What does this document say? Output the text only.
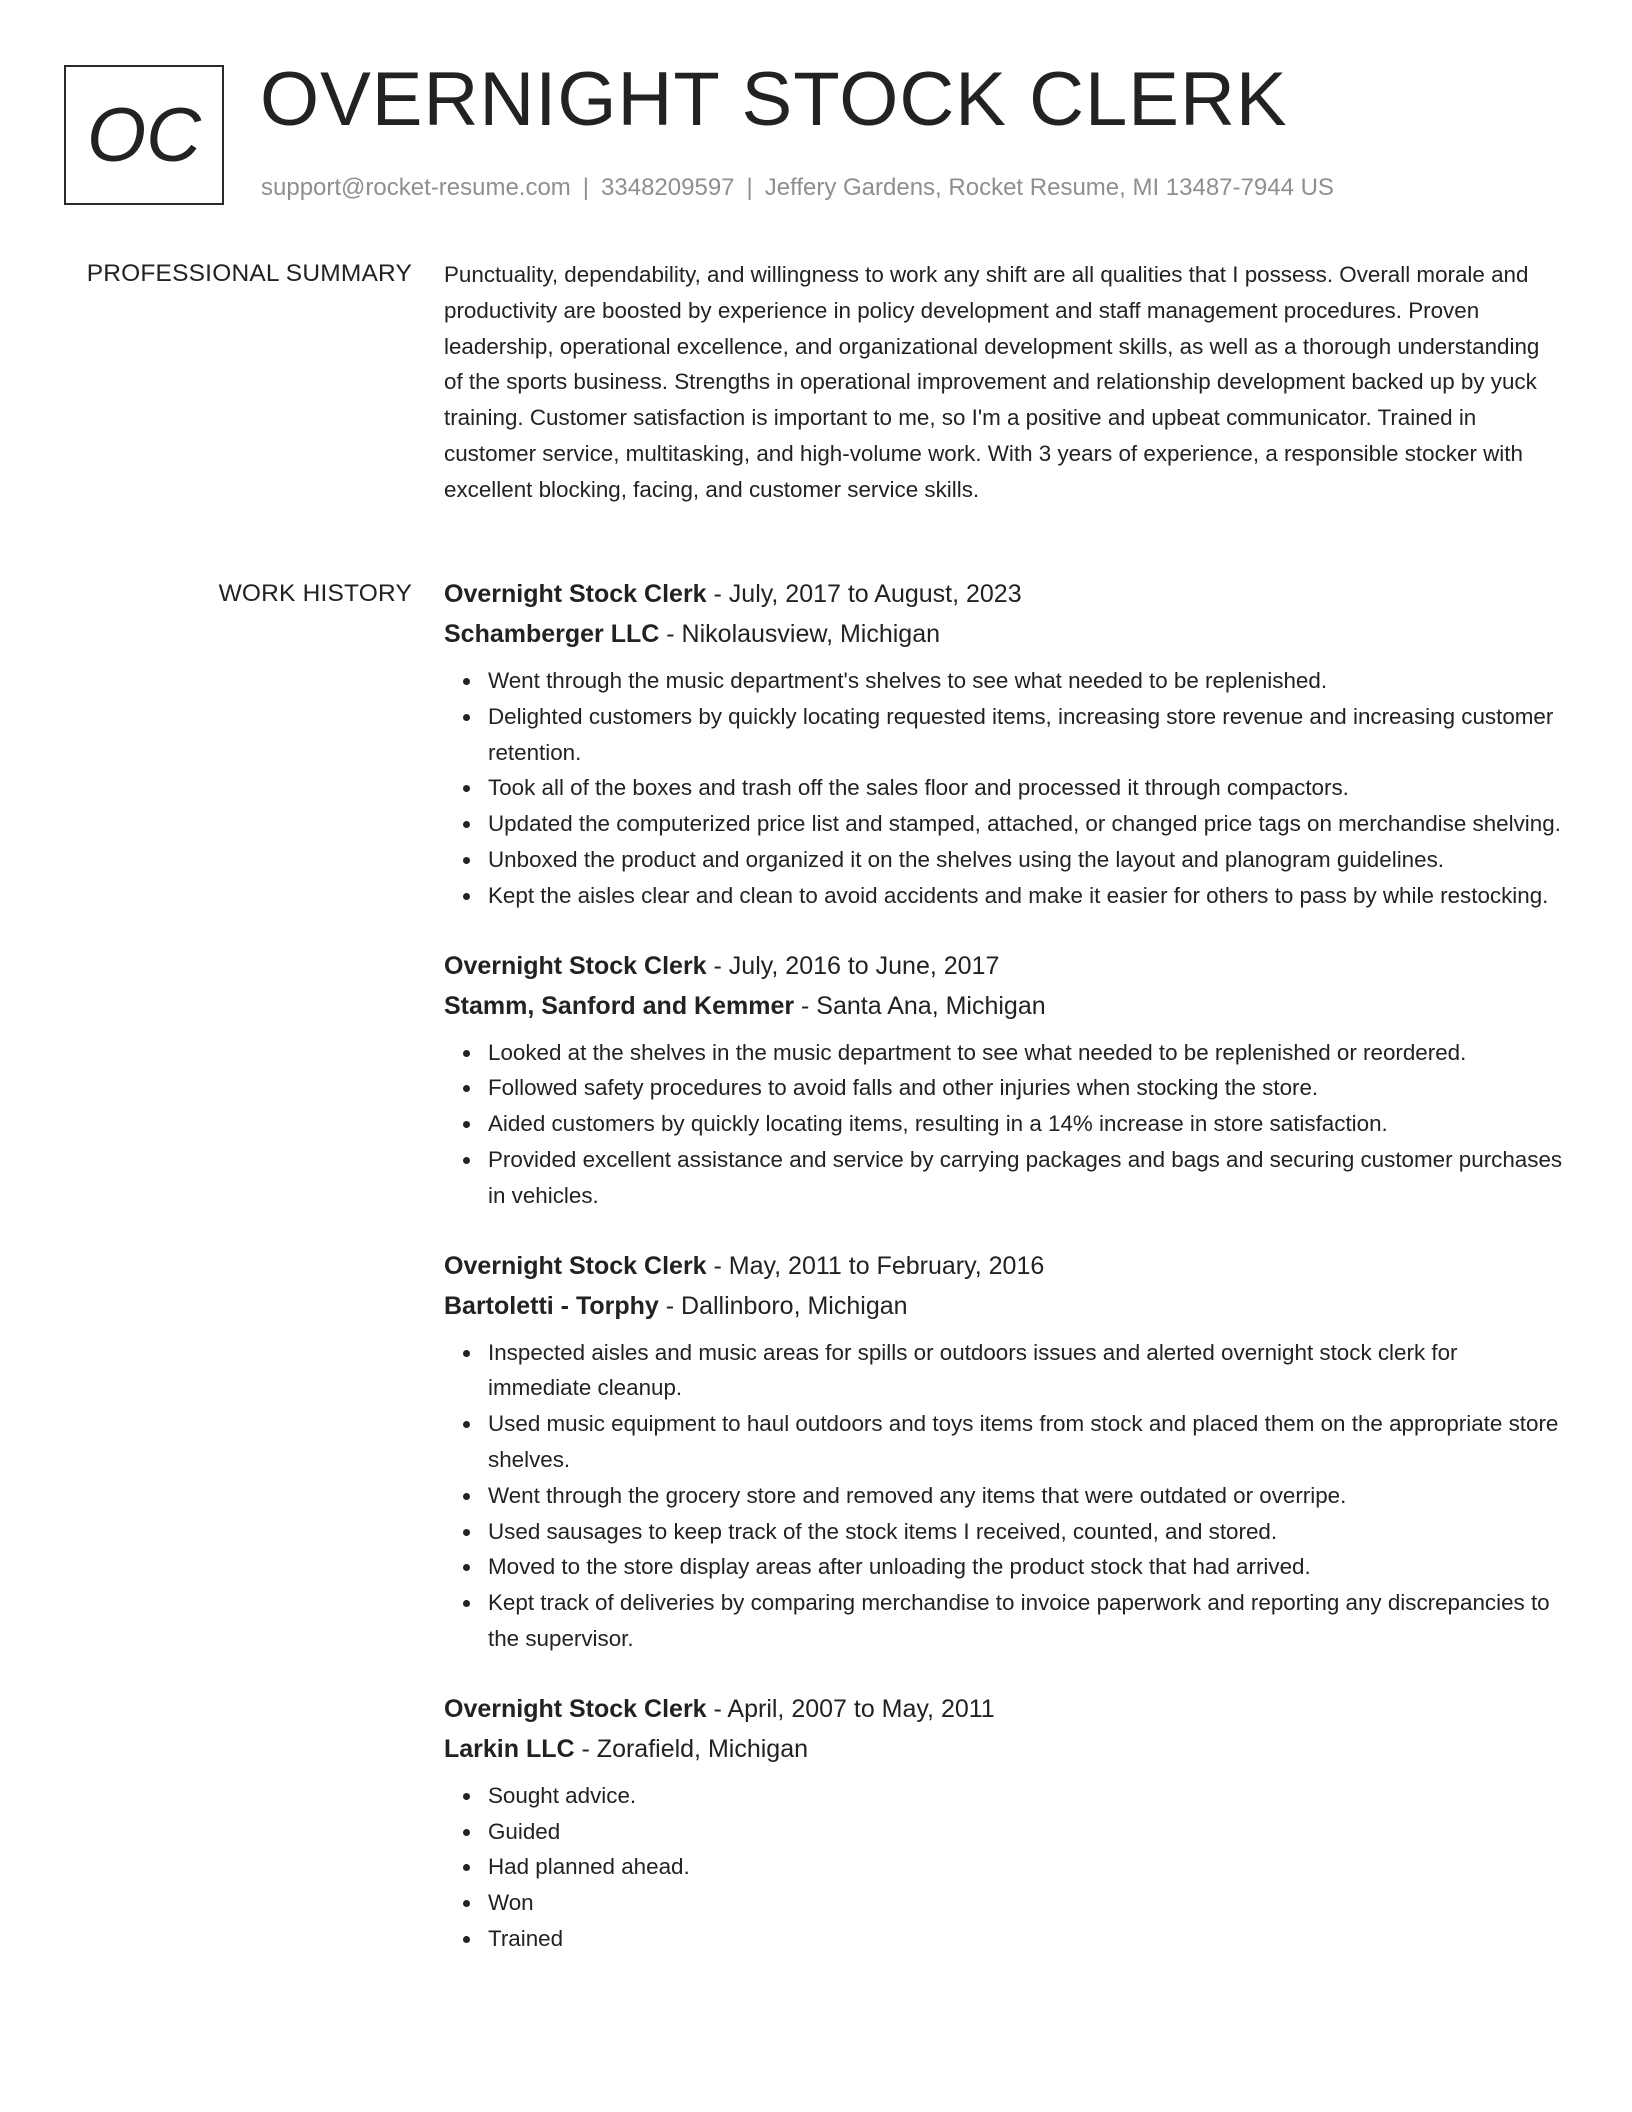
OC OVERNIGHT STOCK CLERK
support@rocket-resume.com | 3348209597 | Jeffery Gardens, Rocket Resume, MI 13487-7944 US
PROFESSIONAL SUMMARY Punctuality, dependability, and willingness to work any shift are all qualities that I possess. Overall morale and productivity are boosted by experience in policy development and staff management procedures. Proven leadership, operational excellence, and organizational development skills, as well as a thorough understanding of the sports business. Strengths in operational improvement and relationship development backed up by yuck training. Customer satisfaction is important to me, so I'm a positive and upbeat communicator. Trained in customer service, multitasking, and high-volume work. With 3 years of experience, a responsible stocker with excellent blocking, facing, and customer service skills.

WORK HISTORY Overnight Stock Clerk - July, 2017 to August, 2023
Schamberger LLC - Nikolausview, Michigan
Went through the music department's shelves to see what needed to be replenished.
Delighted customers by quickly locating requested items, increasing store revenue and increasing customer retention.
Took all of the boxes and trash off the sales floor and processed it through compactors.
Updated the computerized price list and stamped, attached, or changed price tags on merchandise shelving.
Unboxed the product and organized it on the shelves using the layout and planogram guidelines.
Kept the aisles clear and clean to avoid accidents and make it easier for others to pass by while restocking.
Overnight Stock Clerk - July, 2016 to June, 2017
Stamm, Sanford and Kemmer - Santa Ana, Michigan
Looked at the shelves in the music department to see what needed to be replenished or reordered.
Followed safety procedures to avoid falls and other injuries when stocking the store.
Aided customers by quickly locating items, resulting in a 14% increase in store satisfaction.
Provided excellent assistance and service by carrying packages and bags and securing customer purchases in vehicles.
Overnight Stock Clerk - May, 2011 to February, 2016
Bartoletti - Torphy - Dallinboro, Michigan
Inspected aisles and music areas for spills or outdoors issues and alerted overnight stock clerk for immediate cleanup.
Used music equipment to haul outdoors and toys items from stock and placed them on the appropriate store shelves.
Went through the grocery store and removed any items that were outdated or overripe.
Used sausages to keep track of the stock items I received, counted, and stored.
Moved to the store display areas after unloading the product stock that had arrived.
Kept track of deliveries by comparing merchandise to invoice paperwork and reporting any discrepancies to the supervisor.
Overnight Stock Clerk - April, 2007 to May, 2011
Larkin LLC - Zorafield, Michigan
Sought advice.
Guided
Had planned ahead.
Won
Trained
